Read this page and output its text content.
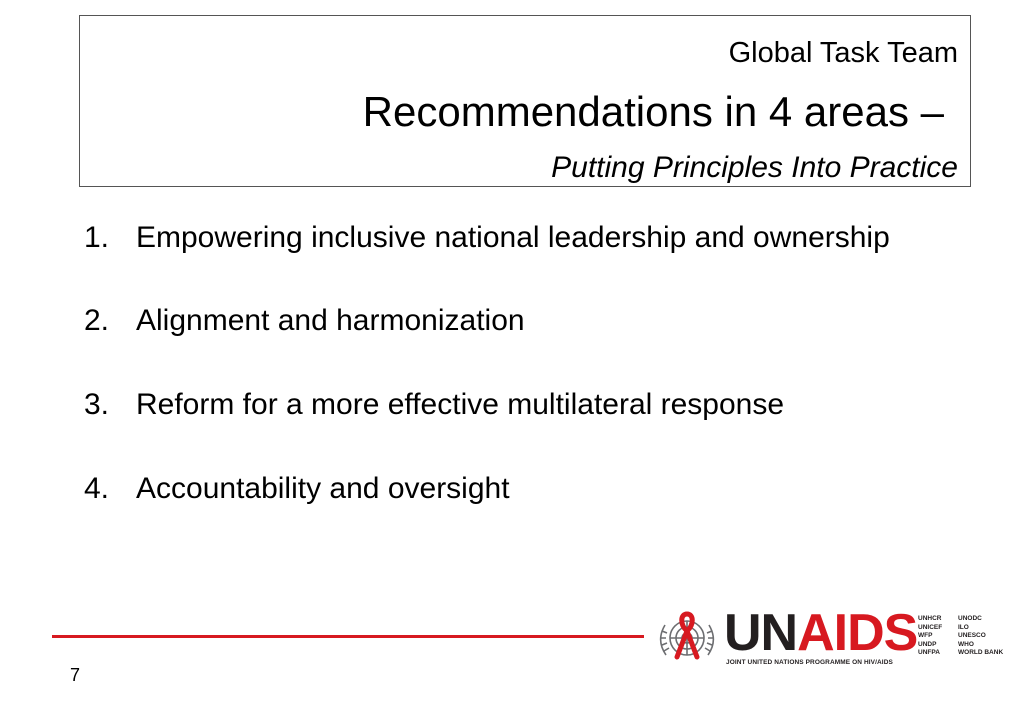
Global Task Team
Recommendations in 4 areas –
Putting Principles Into Practice
1. Empowering inclusive national leadership and ownership
2. Alignment and harmonization
3. Reform for a more effective multilateral response
4. Accountability and oversight
7
UNAIDS
JOINT UNITED NATIONS PROGRAMME ON HIV/AIDS
UNHCR
UNICEF
WFP
UNDP
UNFPA
UNODC
ILO
UNESCO
WHO
WORLD BANK
